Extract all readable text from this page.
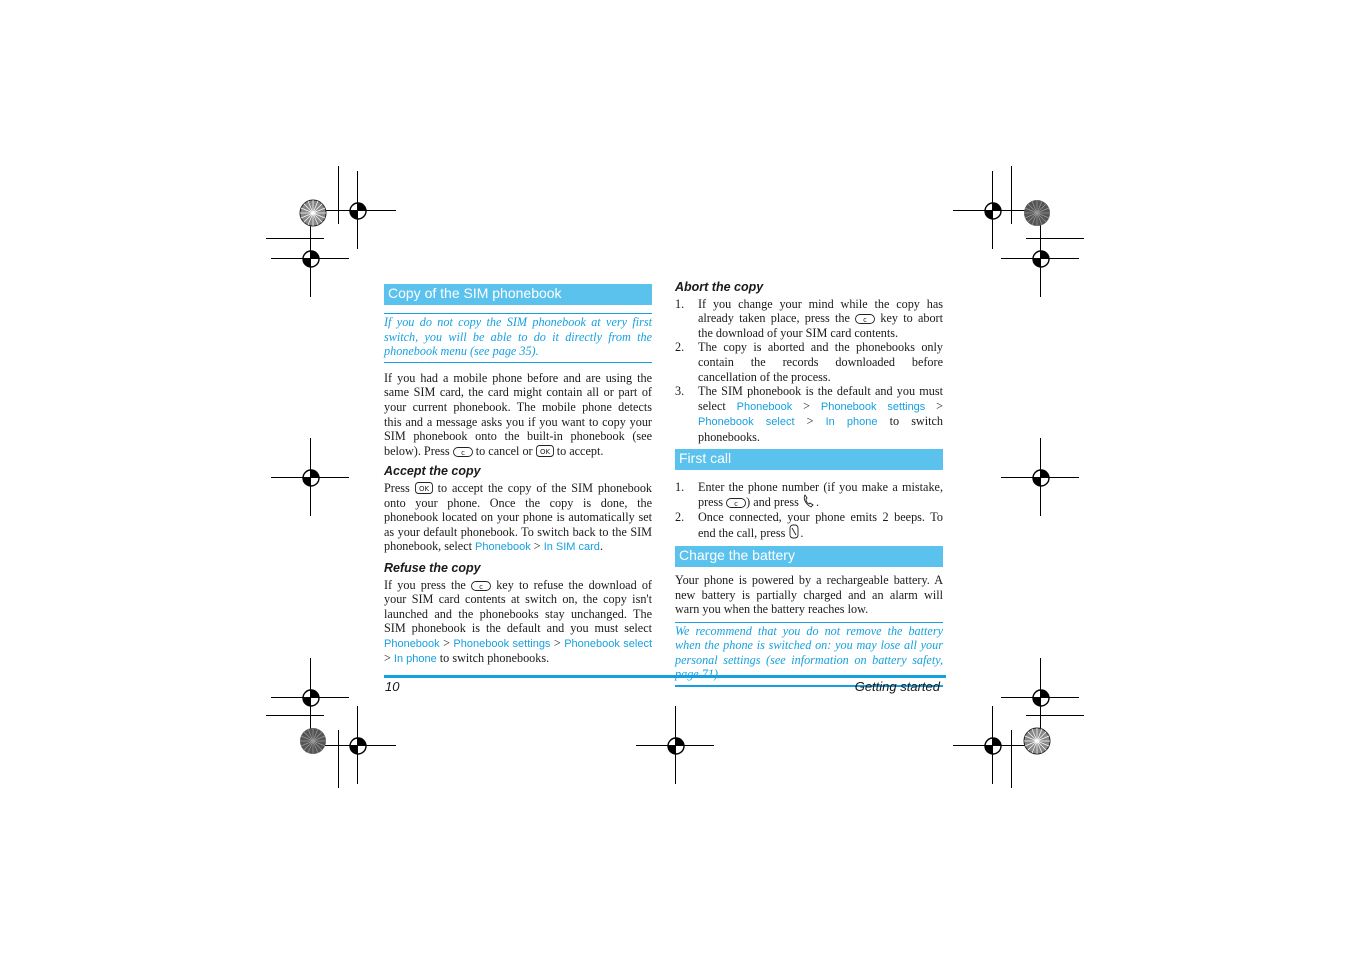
Copy of the SIM phonebook
If you do not copy the SIM phonebook at very first switch, you will be able to do it directly from the phonebook menu (see page 35).
If you had a mobile phone before and are using the same SIM card, the card might contain all or part of your current phonebook. The mobile phone detects this and a message asks you if you want to copy your SIM phonebook onto the built-in phonebook (see below). Press c to cancel or OK to accept.
Accept the copy
Press OK to accept the copy of the SIM phonebook onto your phone. Once the copy is done, the phonebook located on your phone is automatically set as your default phonebook. To switch back to the SIM phonebook, select Phonebook > In SIM card.
Refuse the copy
If you press the c key to refuse the download of your SIM card contents at switch on, the copy isn't launched and the phonebooks stay unchanged. The SIM phonebook is the default and you must select Phonebook > Phonebook settings > Phonebook select > In phone to switch phonebooks.
Abort the copy
1. If you change your mind while the copy has already taken place, press the c key to abort the download of your SIM card contents.
2. The copy is aborted and the phonebooks only contain the records downloaded before cancellation of the process.
3. The SIM phonebook is the default and you must select Phonebook > Phonebook settings > Phonebook select > In phone to switch phonebooks.
First call
1. Enter the phone number (if you make a mistake, press c ) and press .
2. Once connected, your phone emits 2 beeps. To end the call, press .
Charge the battery
Your phone is powered by a rechargeable battery. A new battery is partially charged and an alarm will warn you when the battery reaches low.
We recommend that you do not remove the battery when the phone is switched on: you may lose all your personal settings (see information on battery safety,
10	Getting started
